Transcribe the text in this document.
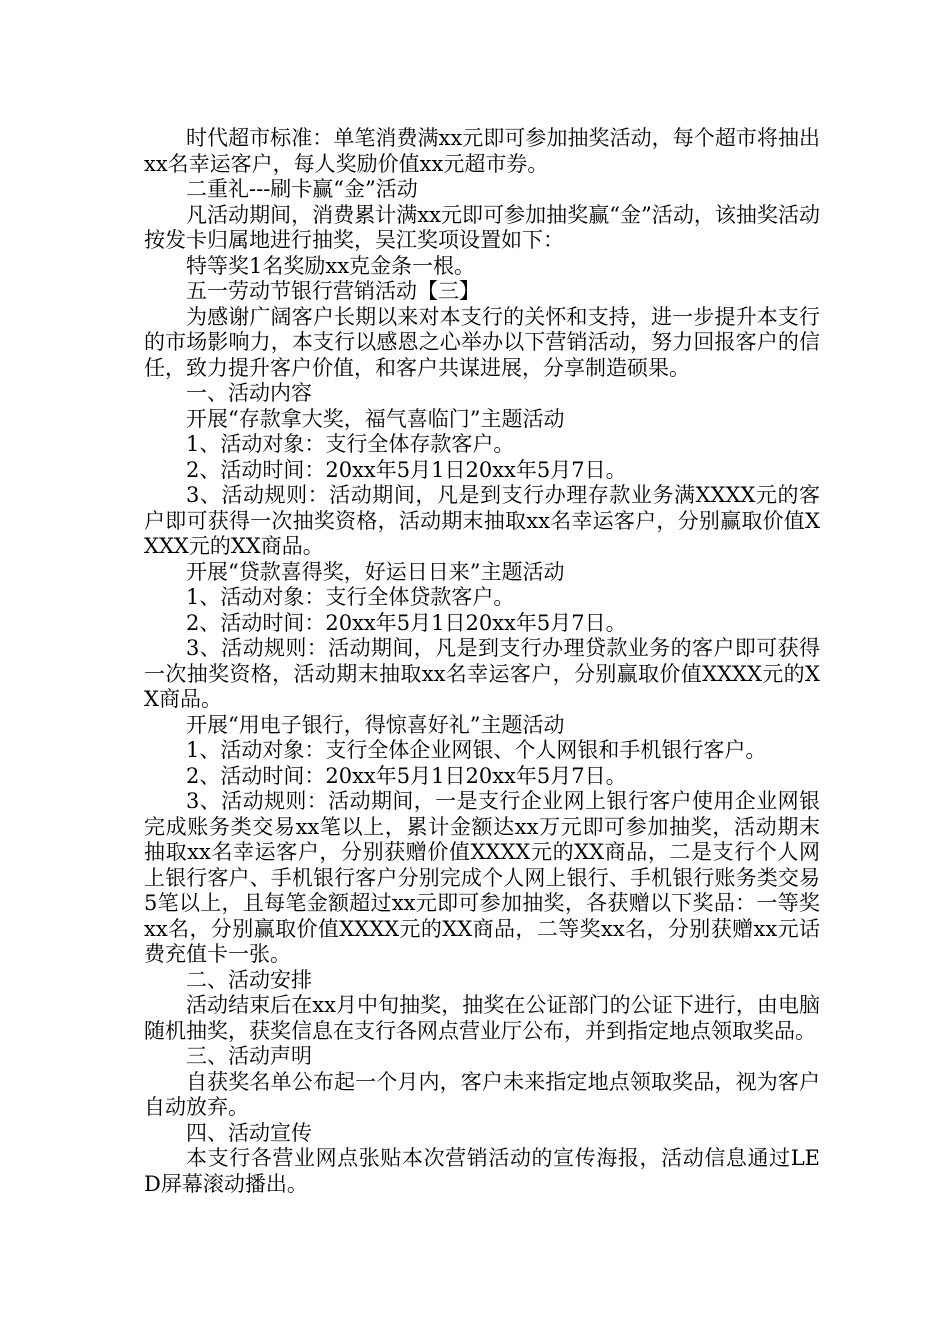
时代超市标准：单笔消费满xx元即可参加抽奖活动，每个超市将抽出xx名幸运客户，每人奖励价值xx元超市券。

二重礼---刷卡赢“金”活动

凡活动期间，消费累计满xx元即可参加抽奖赢“金”活动，该抽奖活动按发卡归属地进行抽奖，吴江奖项设置如下：

特等奖1名奖励xx克金条一根。

五一劳动节银行营销活动【三】

为感谢广阔客户长期以来对本支行的关怀和支持，进一步提升本支行的市场影响力，本支行以感恩之心举办以下营销活动，努力回报客户的信任，致力提升客户价值，和客户共谋进展，分享制造硕果。

一、活动内容

开展“存款拿大奖，福气喜临门”主题活动

1、活动对象：支行全体存款客户。

2、活动时间：20xx年5月1日20xx年5月7日。

3、活动规则：活动期间，凡是到支行办理存款业务满XXXX元的客户即可获得一次抽奖资格，活动期末抽取xx名幸运客户，分别赢取价值XXXX元的XX商品。

开展“贷款喜得奖，好运日日来”主题活动

1、活动对象：支行全体贷款客户。

2、活动时间：20xx年5月1日20xx年5月7日。

3、活动规则：活动期间，凡是到支行办理贷款业务的客户即可获得一次抽奖资格，活动期末抽取xx名幸运客户，分别赢取价值XXXX元的XX商品。

开展“用电子银行，得惊喜好礼”主题活动

1、活动对象：支行全体企业网银、个人网银和手机银行客户。

2、活动时间：20xx年5月1日20xx年5月7日。

3、活动规则：活动期间，一是支行企业网上银行客户使用企业网银完成账务类交易xx笔以上，累计金额达xx万元即可参加抽奖，活动期末抽取xx名幸运客户，分别获赠价值XXXX元的XX商品，二是支行个人网上银行客户、手机银行客户分别完成个人网上银行、手机银行账务类交易5笔以上，且每笔金额超过xx元即可参加抽奖，各获赠以下奖品：一等奖xx名，分别赢取价值XXXX元的XX商品，二等奖xx名，分别获赠xx元话费充值卡一张。

二、活动安排

活动结束后在xx月中旬抽奖，抽奖在公证部门的公证下进行，由电脑随机抽奖，获奖信息在支行各网点营业厅公布，并到指定地点领取奖品。

三、活动声明

自获奖名单公布起一个月内，客户未来指定地点领取奖品，视为客户自动放弃。

四、活动宣传

本支行各营业网点张贴本次营销活动的宣传海报，活动信息通过LED屏幕滚动播出。
